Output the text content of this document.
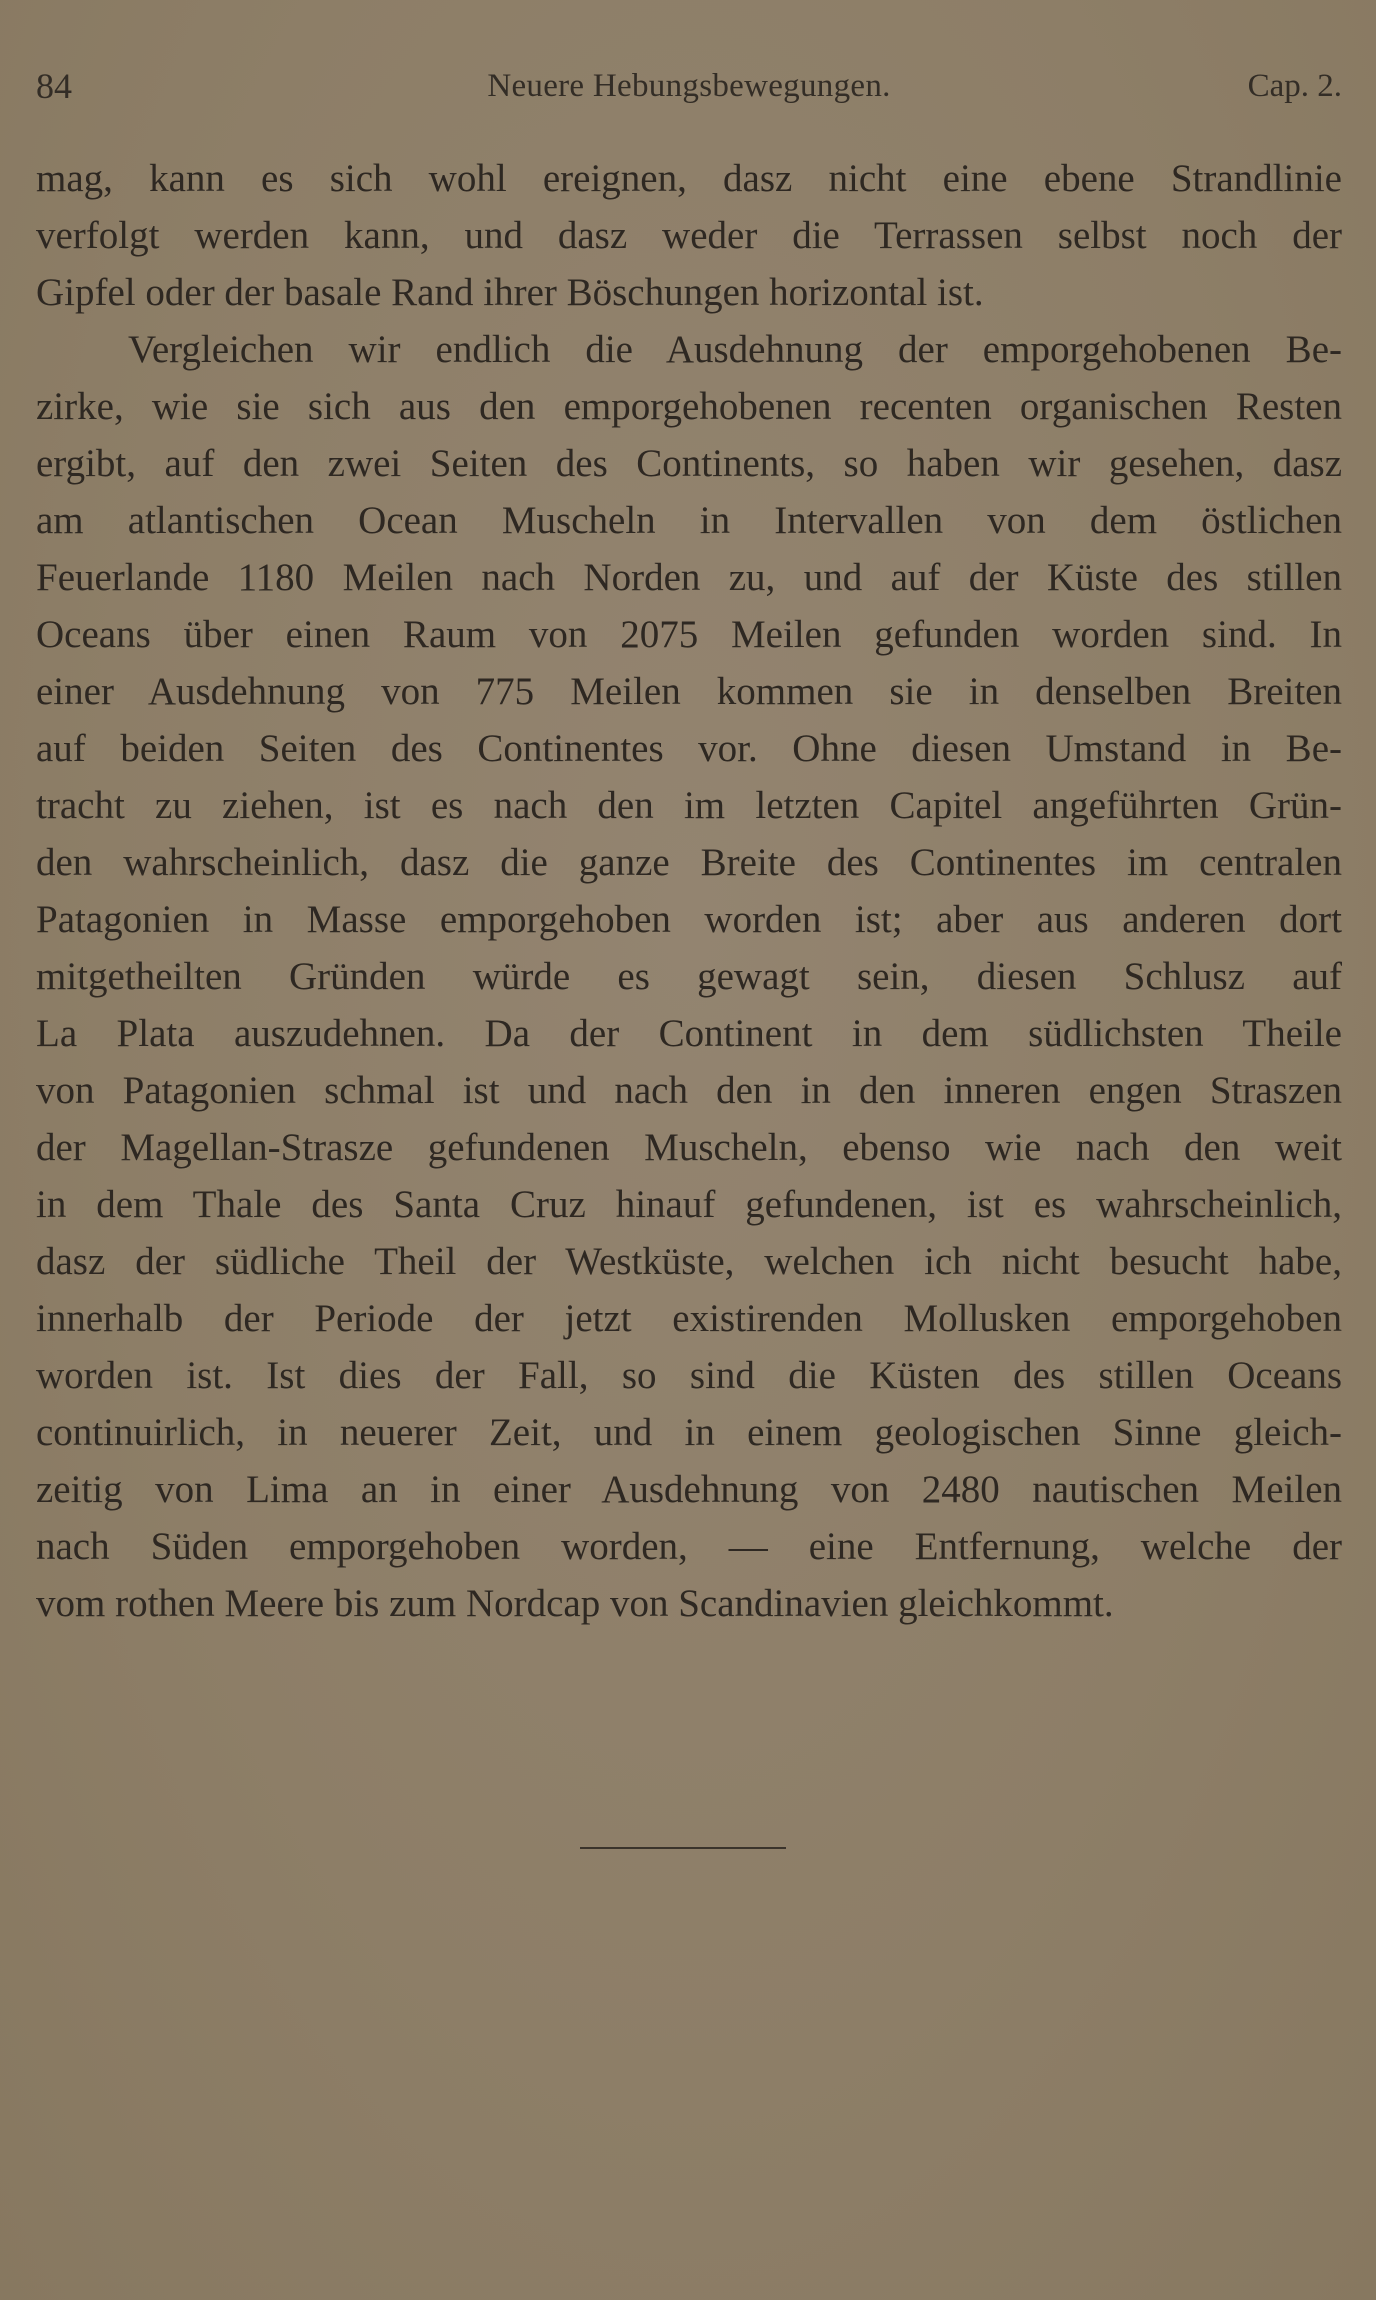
84	Neuere Hebungsbewegungen.	Cap. 2.
mag, kann es sich wohl ereignen, dasz nicht eine ebene Strandlinie
verfolgt werden kann, und dasz weder die Terrassen selbst noch der
Gipfel oder der basale Rand ihrer Böschungen horizontal ist.
Vergleichen wir endlich die Ausdehnung der emporgehobenen Be-
zirke, wie sie sich aus den emporgehobenen recenten organischen Resten
ergibt, auf den zwei Seiten des Continents, so haben wir gesehen, dasz
am atlantischen Ocean Muscheln in Intervallen von dem östlichen
Feuerlande 1180 Meilen nach Norden zu, und auf der Küste des stillen
Oceans über einen Raum von 2075 Meilen gefunden worden sind. In
einer Ausdehnung von 775 Meilen kommen sie in denselben Breiten
auf beiden Seiten des Continentes vor. Ohne diesen Umstand in Be-
tracht zu ziehen, ist es nach den im letzten Capitel angeführten Grün-
den wahrscheinlich, dasz die ganze Breite des Continentes im centralen
Patagonien in Masse emporgehoben worden ist; aber aus anderen dort
mitgetheilten Gründen würde es gewagt sein, diesen Schlusz auf
La Plata auszudehnen. Da der Continent in dem südlichsten Theile
von Patagonien schmal ist und nach den in den inneren engen Straszen
der Magellan-Strasze gefundenen Muscheln, ebenso wie nach den weit
in dem Thale des Santa Cruz hinauf gefundenen, ist es wahrscheinlich,
dasz der südliche Theil der Westküste, welchen ich nicht besucht habe,
innerhalb der Periode der jetzt existirenden Mollusken emporgehoben
worden ist. Ist dies der Fall, so sind die Küsten des stillen Oceans
continuirlich, in neuerer Zeit, und in einem geologischen Sinne gleich-
zeitig von Lima an in einer Ausdehnung von 2480 nautischen Meilen
nach Süden emporgehoben worden, — eine Entfernung, welche der
vom rothen Meere bis zum Nordcap von Scandinavien gleichkommt.
